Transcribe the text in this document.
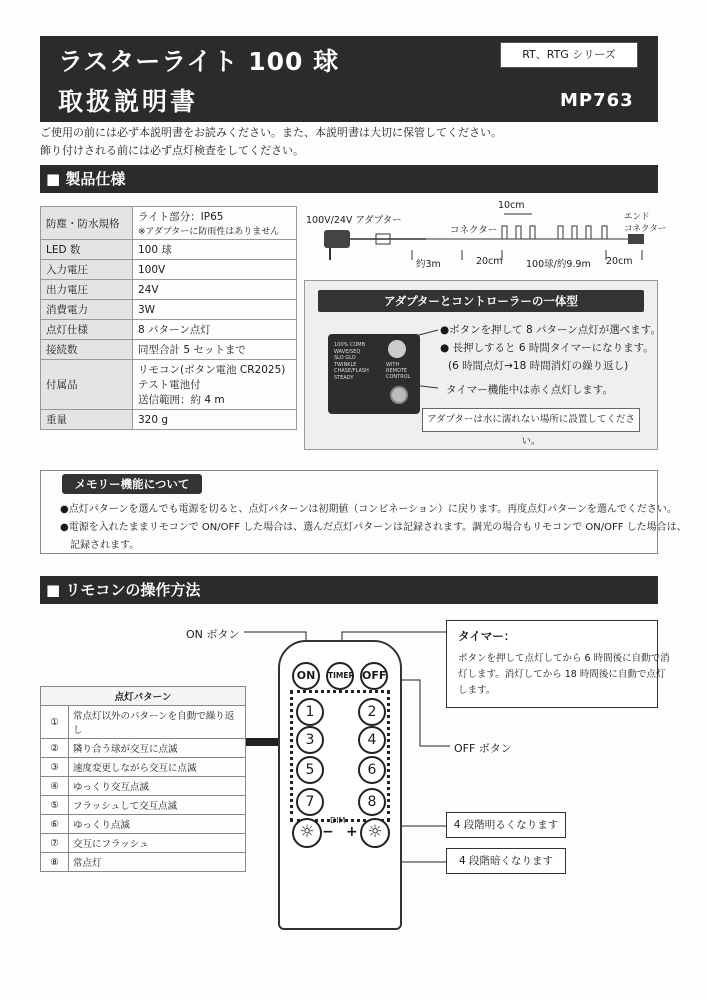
ラスターライト 100 球
取扱説明書
RT、RTG シリーズ
MP763
ご使用の前には必ず本説明書をお読みください。また、本説明書は大切に保管してください。
飾り付けされる前には必ず点灯検査をしてください。
■ 製品仕様
防塵・防水規格	ライト部分：IP65
※アダプターに防雨性はありません

LED 数	100 球
入力電圧	100V
出力電圧	24V
消費電力	3W
点灯仕様	8 パターン点灯
接続数	同型合計 5 セットまで
付属品	リモコン(ボタン電池 CR2025)
テスト電池付
送信範囲：約 4 m

重量	320 g
100V/24V アダプター
コネクター
10cm
エンド
コネクター
約3m	20cm 100球/約9.9m 20cm
アダプターとコントローラーの一体型
100% COMB
WAVE/SEQ
SLO GLO
TWINKLE
CHASE/FLASH
STEADY
WITH REMOTE CONTROL
●ボタンを押して 8 パターン点灯が選べます。
● 長押しすると 6 時間タイマーになります。
(6 時間点灯→18 時間消灯の繰り返し)
タイマー機能中は赤く点灯します。
アダプターは水に濡れない場所に設置してください。
メモリー機能について
●点灯パターンを選んでも電源を切ると、点灯パターンは初期値（コンビネーション）に戻ります。再度点灯パターンを選んでください。
●電源を入れたままリモコンで ON/OFF した場合は、選んだ点灯パターンは記録されます。調光の場合もリモコンで ON/OFF した場合は、
記録されます。
■ リモコンの操作方法
ON ボタン
OFF ボタン
ON	TIMER OFF
1	2
3	4
5	6
7	8
☼	☼
DIM
− +
タイマー：
ボタンを押して点灯してから 6 時間後に自動で消
灯します。消灯してから 18 時間後に自動で点灯
します。
4 段階明るくなります
4 段階暗くなります
点灯パターン	
①	常点灯以外のパターンを自動で繰り返し
②	隣り合う球が交互に点滅
③	速度変更しながら交互に点滅
④	ゆっくり交互点滅
⑤	フラッシュして交互点滅
⑥	ゆっくり点滅
⑦	交互にフラッシュ
⑧	常点灯
